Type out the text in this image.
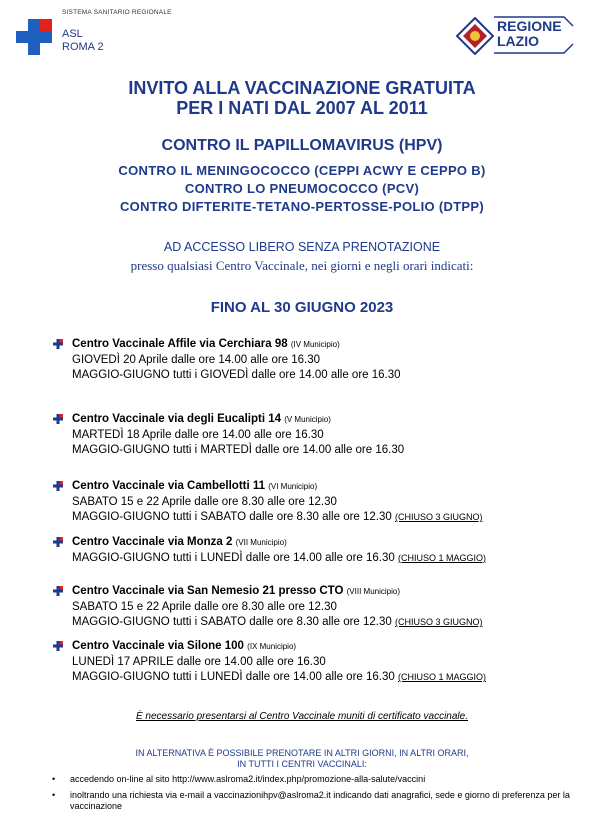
SISTEMA SANITARIO REGIONALE
ASL
ROMA 2
REGIONE
LAZIO
INVITO ALLA VACCINAZIONE GRATUITA
PER I NATI DAL 2007 AL 2011
CONTRO IL PAPILLOMAVIRUS (HPV)
CONTRO IL MENINGOCOCCO (CEPPI ACWY E CEPPO B)
CONTRO LO PNEUMOCOCCO (PCV)
CONTRO DIFTERITE-TETANO-PERTOSSE-POLIO (DTPP)
AD ACCESSO LIBERO SENZA PRENOTAZIONE
presso qualsiasi Centro Vaccinale, nei giorni e negli orari indicati:
FINO AL 30 GIUGNO 2023
Centro Vaccinale Affile via Cerchiara 98 (IV Municipio)
GIOVEDÌ 20 Aprile dalle ore 14.00 alle ore 16.30
MAGGIO-GIUGNO tutti i GIOVEDÌ dalle ore 14.00 alle ore 16.30
Centro Vaccinale via degli Eucalipti 14 (V Municipio)
MARTEDÌ 18 Aprile dalle ore 14.00 alle ore 16.30
MAGGIO-GIUGNO tutti i MARTEDÌ dalle ore 14.00 alle ore 16.30
Centro Vaccinale via Cambellotti 11 (VI Municipio)
SABATO 15 e 22 Aprile dalle ore 8.30 alle ore 12.30
MAGGIO-GIUGNO tutti i SABATO dalle ore 8.30 alle ore 12.30 (CHIUSO 3 GIUGNO)
Centro Vaccinale via Monza 2 (VII Municipio)
MAGGIO-GIUGNO tutti i LUNEDÌ dalle ore 14.00 alle ore 16.30 (CHIUSO 1 MAGGIO)
Centro Vaccinale via San Nemesio 21 presso CTO (VIII Municipio)
SABATO 15 e 22 Aprile dalle ore 8.30 alle ore 12.30
MAGGIO-GIUGNO tutti i SABATO dalle ore 8.30 alle ore 12.30 (CHIUSO 3 GIUGNO)
Centro Vaccinale via Silone 100 (IX Municipio)
LUNEDÌ 17 APRILE dalle ore 14.00 alle ore 16.30
MAGGIO-GIUGNO tutti i LUNEDÌ dalle ore 14.00 alle ore 16.30 (CHIUSO 1 MAGGIO)
È necessario presentarsi al Centro Vaccinale muniti di certificato vaccinale.
IN ALTERNATIVA È POSSIBILE PRENOTARE IN ALTRI GIORNI, IN ALTRI ORARI,
IN TUTTI I CENTRI VACCINALI:
• accedendo on-line al sito http://www.aslroma2.it/index.php/promozione-alla-salute/vaccini
• inoltrando una richiesta via e-mail a vaccinazionihpv@aslroma2.it indicando dati anagrafici, sede e giorno di preferenza per la vaccinazione
